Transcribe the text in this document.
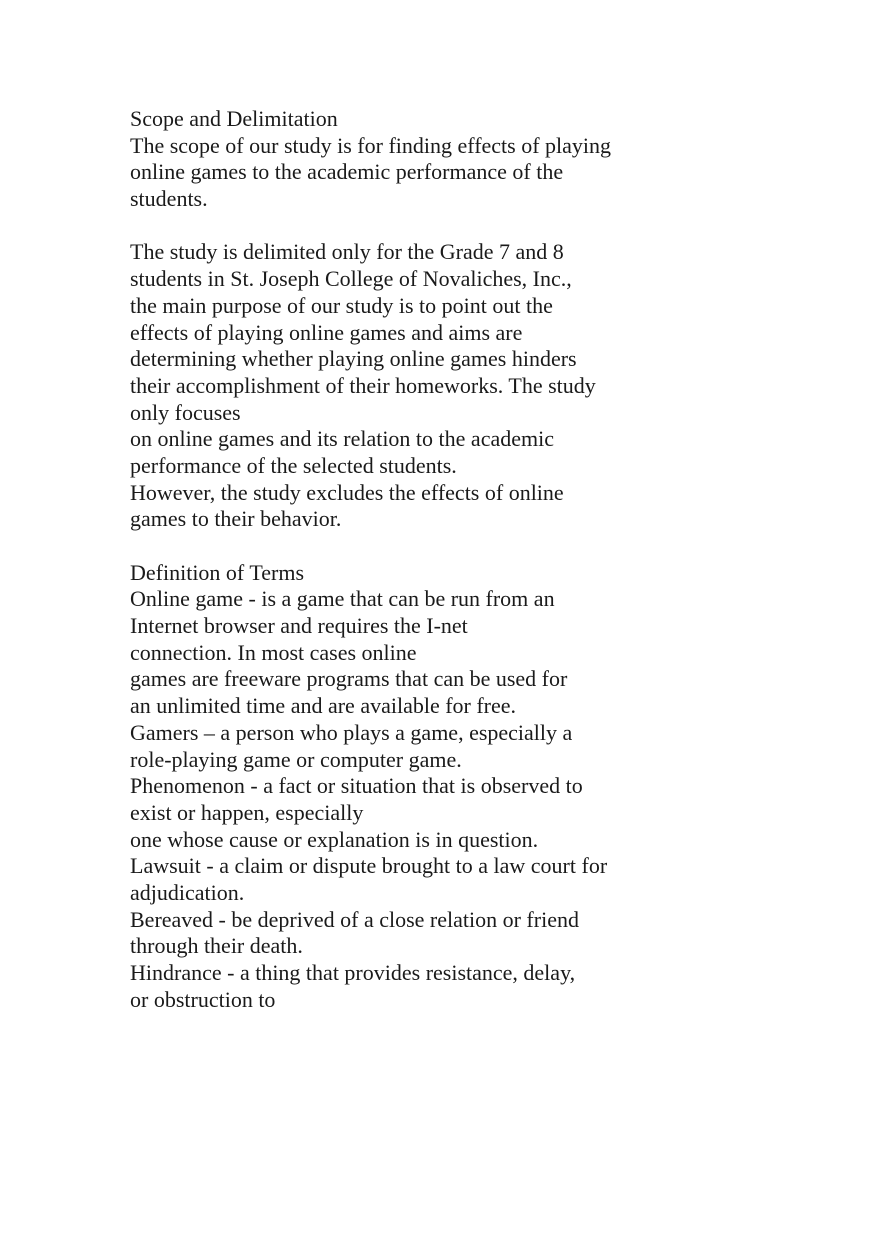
Scope and Delimitation
The scope of our study is for finding effects of playing
online games to the academic performance of the
students.
The study is delimited only for the Grade 7 and 8
students in St. Joseph College of Novaliches, Inc.,
the main purpose of our study is to point out the
effects of playing online games and aims are
determining whether playing online games hinders
their accomplishment of their homeworks. The study
only focuses
on online games and its relation to the academic
performance of the selected students.
However, the study excludes the effects of online
games to their behavior.
Definition of Terms
Online game - is a game that can be run from an
Internet browser and requires the I-net
connection. In most cases online
games are freeware programs that can be used for
an unlimited time and are available for free.
Gamers – a person who plays a game, especially a
role-playing game or computer game.
Phenomenon - a fact or situation that is observed to
exist or happen, especially
one whose cause or explanation is in question.
Lawsuit - a claim or dispute brought to a law court for
adjudication.
Bereaved - be deprived of a close relation or friend
through their death.
Hindrance - a thing that provides resistance, delay,
or obstruction to
